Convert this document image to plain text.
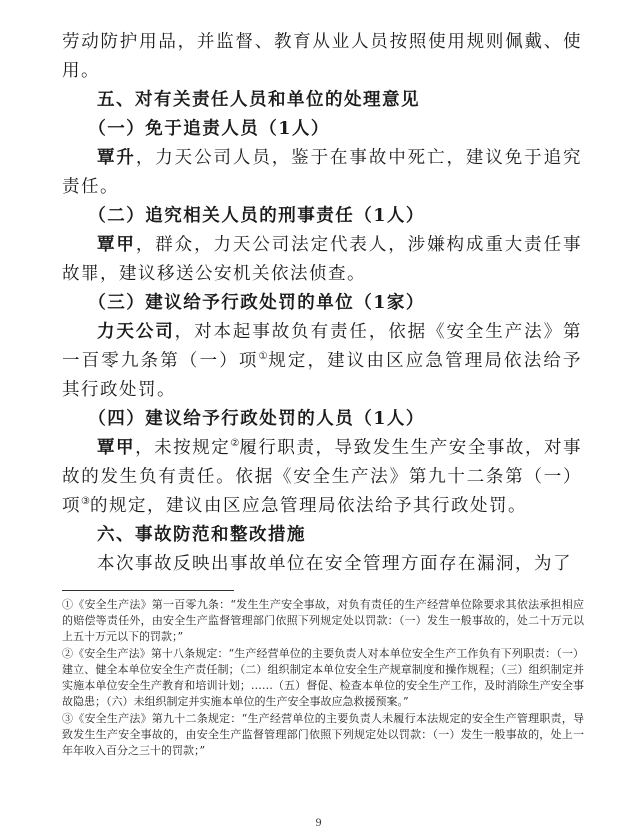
劳动防护用品，并监督、教育从业人员按照使用规则佩戴、使用。

五、对有关责任人员和单位的处理意见

（一）免于追责人员（1人）

覃升，力天公司人员，鉴于在事故中死亡，建议免于追究责任。

（二）追究相关人员的刑事责任（1人）

覃甲，群众，力天公司法定代表人，涉嫌构成重大责任事故罪，建议移送公安机关依法侦查。

（三）建议给予行政处罚的单位（1家）

力天公司，对本起事故负有责任，依据《安全生产法》第一百零九条第（一）项①规定，建议由区应急管理局依法给予其行政处罚。

（四）建议给予行政处罚的人员（1人）

覃甲，未按规定②履行职责，导致发生生产安全事故，对事故的发生负有责任。依据《安全生产法》第九十二条第（一）项③的规定，建议由区应急管理局依法给予其行政处罚。

六、事故防范和整改措施

本次事故反映出事故单位在安全管理方面存在漏洞，为了

①《安全生产法》第一百零九条：“发生生产安全事故，对负有责任的生产经营单位除要求其依法承担相应的赔偿等责任外，由安全生产监督管理部门依照下列规定处以罚款：（一）发生一般事故的，处二十万元以上五十万元以下的罚款；”

②《安全生产法》第十八条规定：“生产经营单位的主要负责人对本单位安全生产工作负有下列职责：（一）建立、健全本单位安全生产责任制；（二）组织制定本单位安全生产规章制度和操作规程；（三）组织制定并实施本单位安全生产教育和培训计划；……（五）督促、检查本单位的安全生产工作，及时消除生产安全事故隐患；（六）未组织制定并实施本单位的生产安全事故应急救援预案。”

③《安全生产法》第九十二条规定：“生产经营单位的主要负责人未履行本法规定的安全生产管理职责，导致发生生产安全事故的，由安全生产监督管理部门依照下列规定处以罚款：（一）发生一般事故的，处上一年年收入百分之三十的罚款；”

9
